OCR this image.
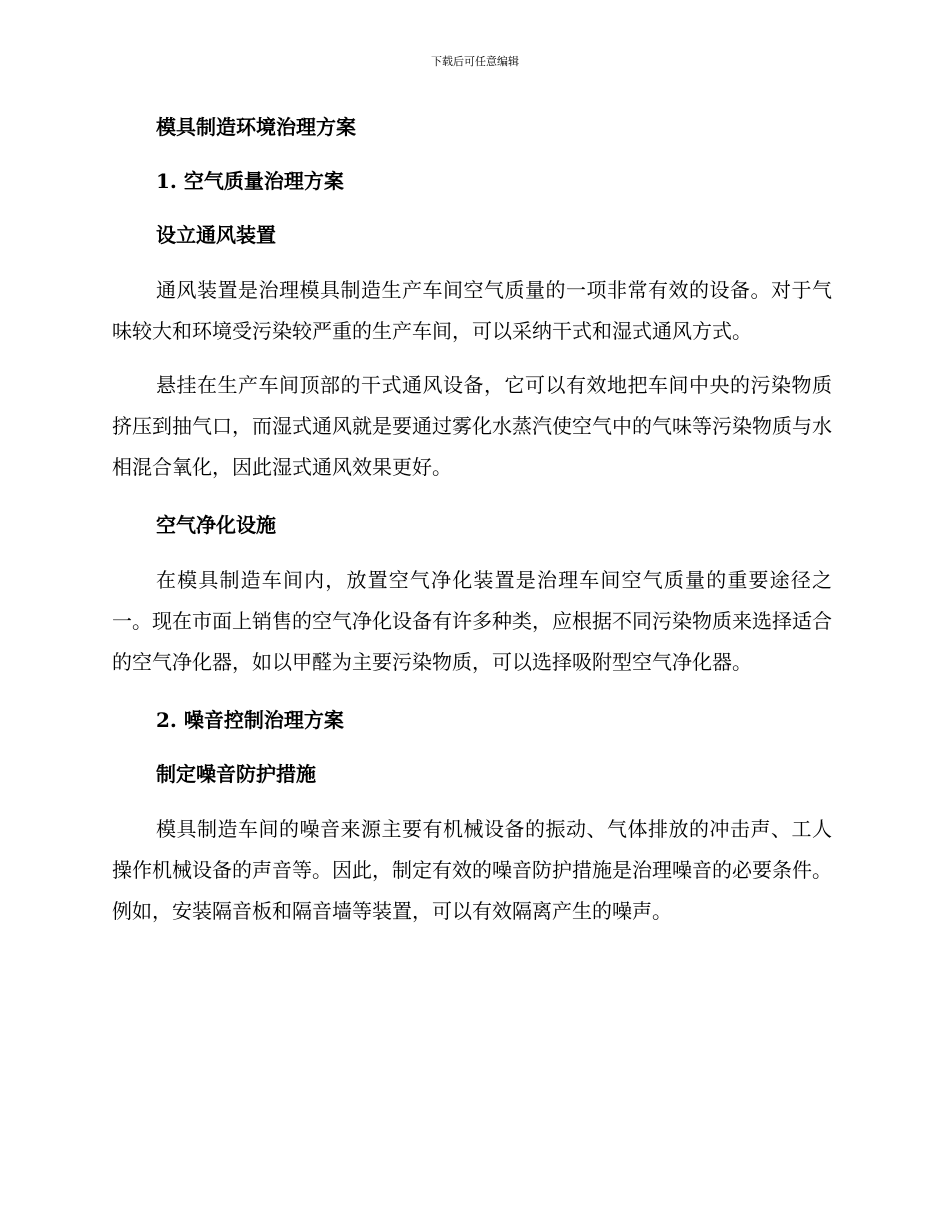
下载后可任意编辑

模具制造环境治理方案

1. 空气质量治理方案

设立通风装置

通风装置是治理模具制造生产车间空气质量的一项非常有效的设备。对于气味较大和环境受污染较严重的生产车间，可以采纳干式和湿式通风方式。

悬挂在生产车间顶部的干式通风设备，它可以有效地把车间中央的污染物质挤压到抽气口，而湿式通风就是要通过雾化水蒸汽使空气中的气味等污染物质与水相混合氧化，因此湿式通风效果更好。

空气净化设施

在模具制造车间内，放置空气净化装置是治理车间空气质量的重要途径之一。现在市面上销售的空气净化设备有许多种类，应根据不同污染物质来选择适合的空气净化器，如以甲醛为主要污染物质，可以选择吸附型空气净化器。

2. 噪音控制治理方案

制定噪音防护措施

模具制造车间的噪音来源主要有机械设备的振动、气体排放的冲击声、工人操作机械设备的声音等。因此，制定有效的噪音防护措施是治理噪音的必要条件。例如，安装隔音板和隔音墙等装置，可以有效隔离产生的噪声。
